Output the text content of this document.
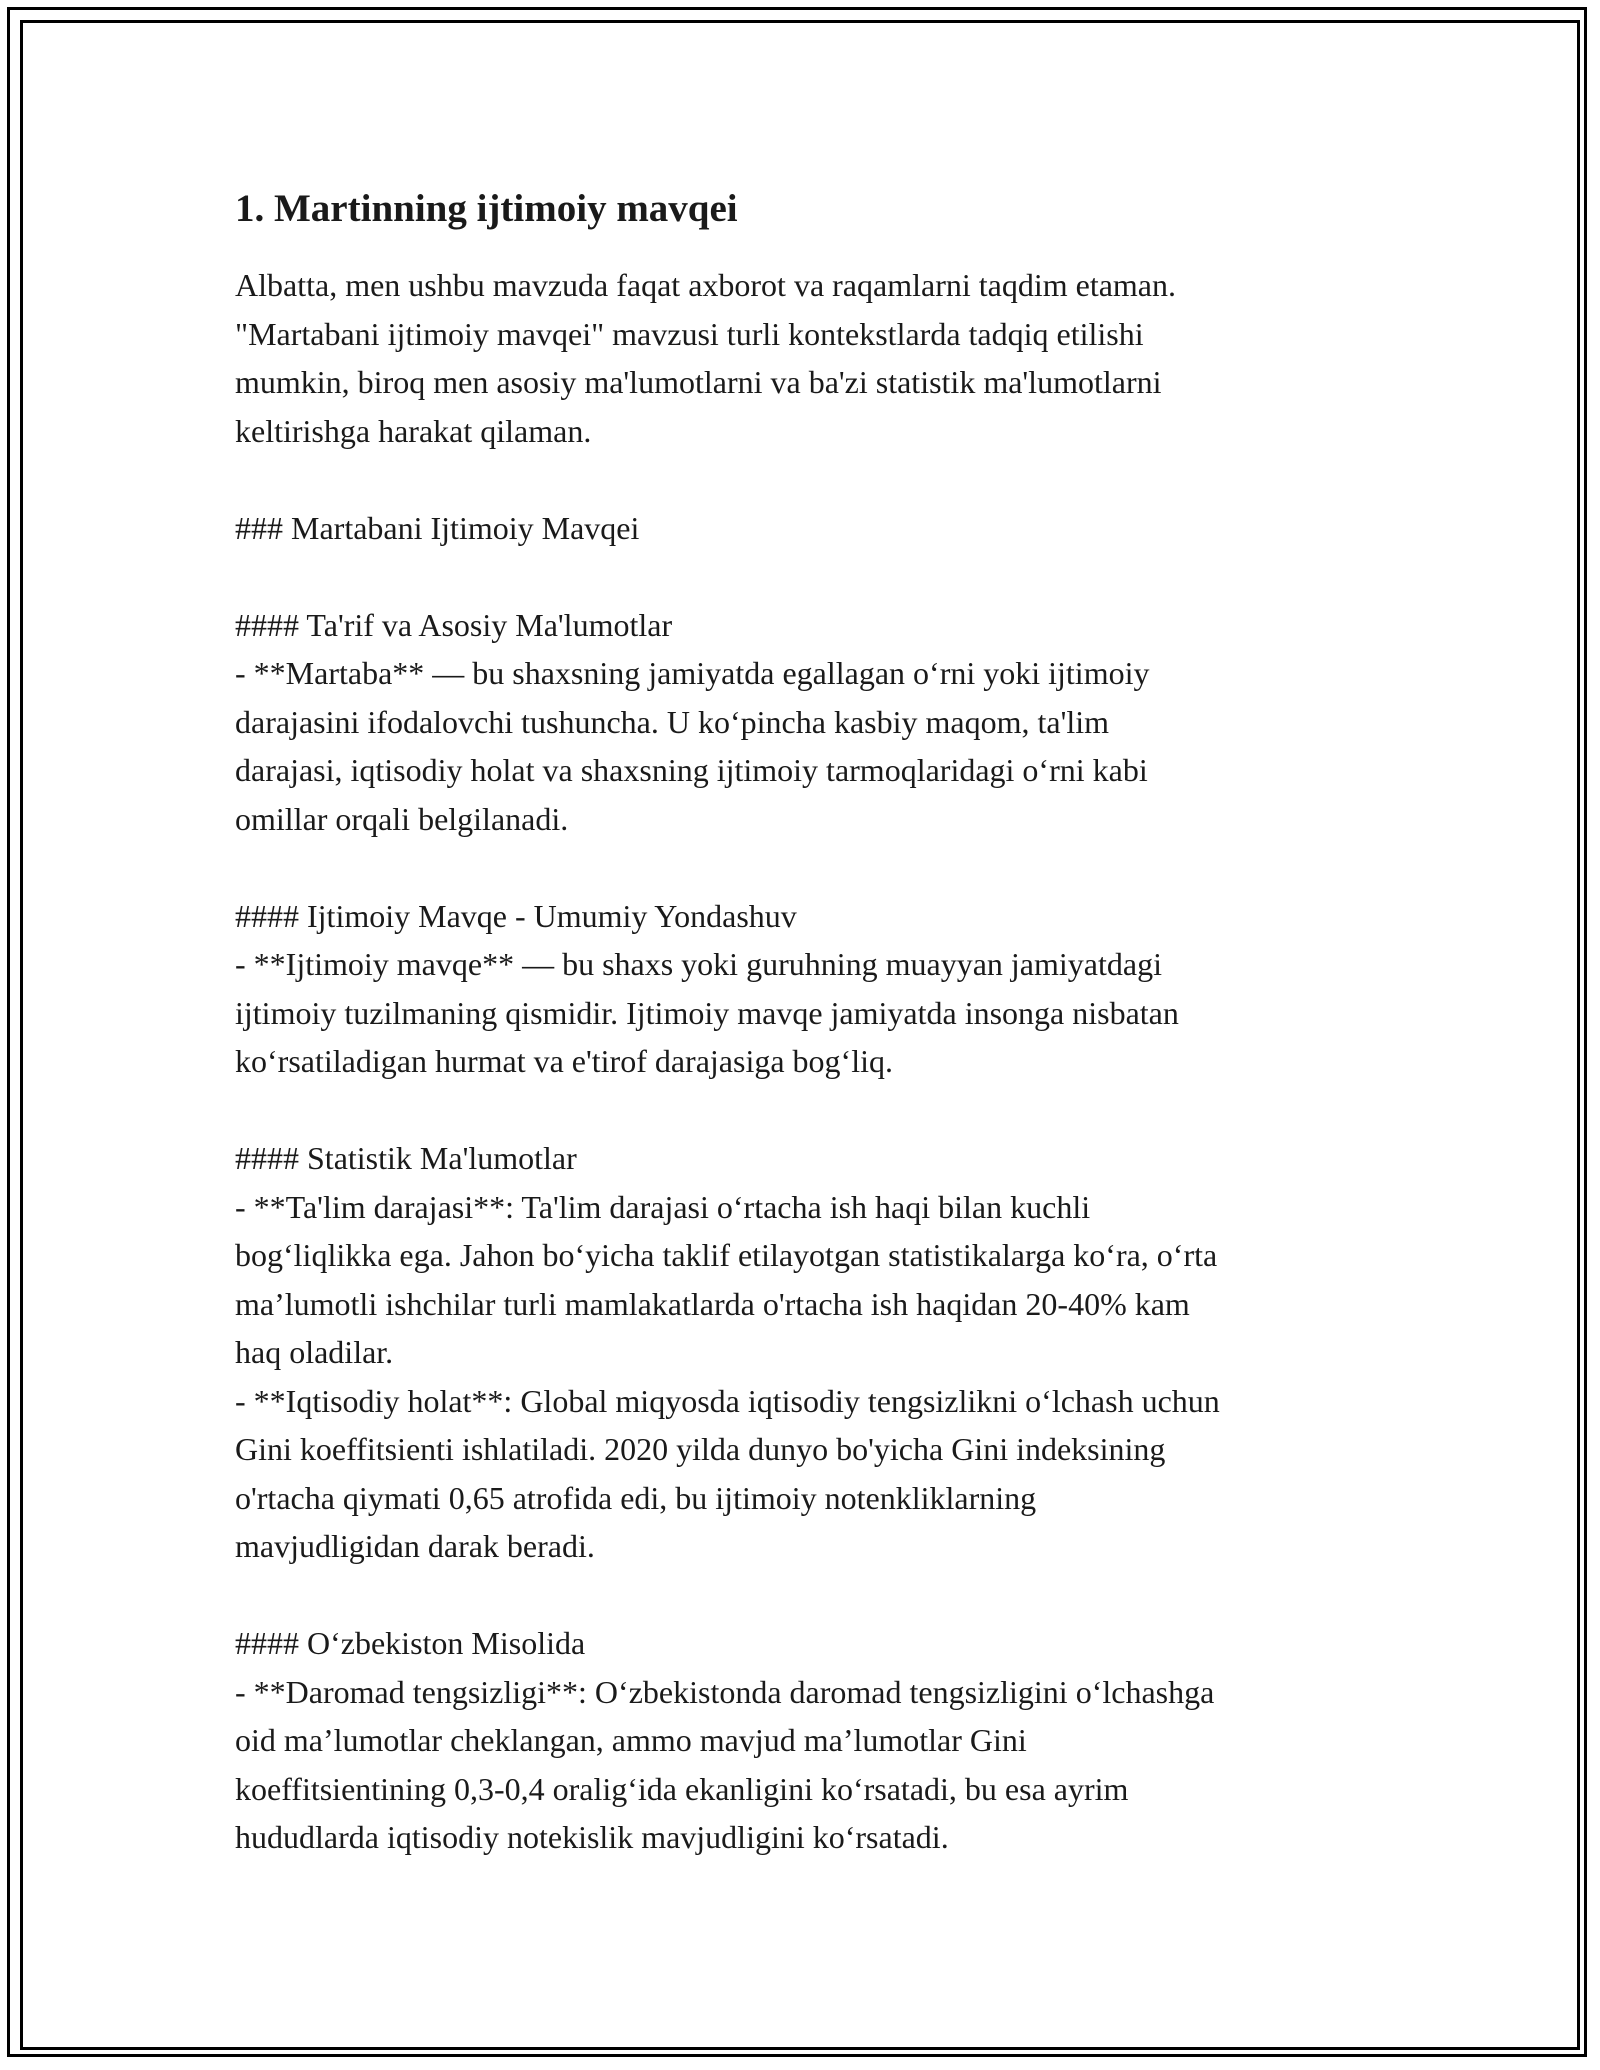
1. Martinning ijtimoiy mavqei
Albatta, men ushbu mavzuda faqat axborot va raqamlarni taqdim etaman.
"Martabani ijtimoiy mavqei" mavzusi turli kontekstlarda tadqiq etilishi
mumkin, biroq men asosiy ma'lumotlarni va ba'zi statistik ma'lumotlarni
keltirishga harakat qilaman.
### Martabani Ijtimoiy Mavqei
#### Ta'rif va Asosiy Ma'lumotlar
- **Martaba** — bu shaxsning jamiyatda egallagan o‘rni yoki ijtimoiy
darajasini ifodalovchi tushuncha. U ko‘pincha kasbiy maqom, ta'lim
darajasi, iqtisodiy holat va shaxsning ijtimoiy tarmoqlaridagi o‘rni kabi
omillar orqali belgilanadi.
#### Ijtimoiy Mavqe - Umumiy Yondashuv
- **Ijtimoiy mavqe** — bu shaxs yoki guruhning muayyan jamiyatdagi
ijtimoiy tuzilmaning qismidir. Ijtimoiy mavqe jamiyatda insonga nisbatan
ko‘rsatiladigan hurmat va e'tirof darajasiga bog‘liq.
#### Statistik Ma'lumotlar
- **Ta'lim darajasi**: Ta'lim darajasi o‘rtacha ish haqi bilan kuchli
bog‘liqlikka ega. Jahon bo‘yicha taklif etilayotgan statistikalarga ko‘ra, o‘rta
ma’lumotli ishchilar turli mamlakatlarda o'rtacha ish haqidan 20-40% kam
haq oladilar.
- **Iqtisodiy holat**: Global miqyosda iqtisodiy tengsizlikni o‘lchash uchun
Gini koeffitsienti ishlatiladi. 2020 yilda dunyo bo'yicha Gini indeksining
o'rtacha qiymati 0,65 atrofida edi, bu ijtimoiy notenkliklarning
mavjudligidan darak beradi.
#### O‘zbekiston Misolida
- **Daromad tengsizligi**: O‘zbekistonda daromad tengsizligini o‘lchashga
oid ma’lumotlar cheklangan, ammo mavjud ma’lumotlar Gini
koeffitsientining 0,3-0,4 oralig‘ida ekanligini ko‘rsatadi, bu esa ayrim
hududlarda iqtisodiy notekislik mavjudligini ko‘rsatadi.
